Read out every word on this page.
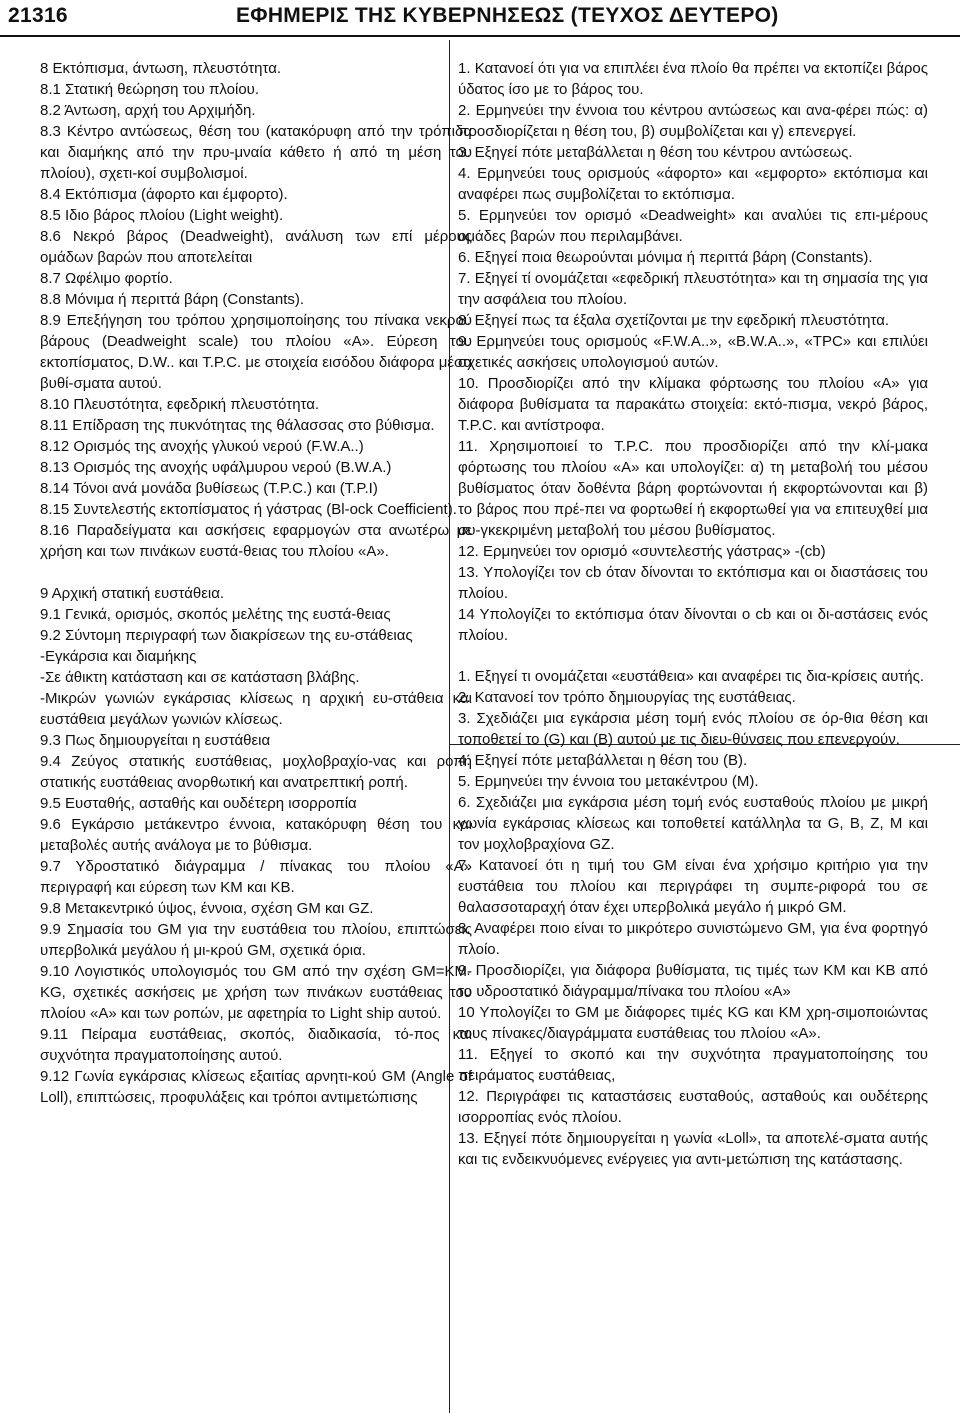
21316	ΕΦΗΜΕΡΙΣ ΤΗΣ ΚΥΒΕΡΝΗΣΕΩΣ (ΤΕΥΧΟΣ ΔΕΥΤΕΡΟ)

8 Εκτόπισμα, άντωση, πλευστότητα.

8.1 Στατική θεώρηση του πλοίου.

8.2 Άντωση, αρχή του Αρχιμήδη.

8.3 Κέντρο αντώσεως, θέση του (κατακόρυφη από την τρόπιδα και διαμήκης από την πρυ-μναία κάθετο ή από τη μέση του πλοίου), σχετι-κοί συμβολισμοί.

8.4 Εκτόπισμα (άφορτο και έμφορτο).

8.5 Ιδιο βάρος πλοίου (Light weight).

8.6 Νεκρό βάρος (Deadweight), ανάλυση των επί μέρους ομάδων βαρών που αποτελείται

8.7 Ωφέλιμο φορτίο.

8.8 Μόνιμα ή περιττά βάρη (Constants).

8.9 Επεξήγηση του τρόπου χρησιμοποίησης του πίνακα νεκρού βάρους (Deadweight scale) του πλοίου «Α». Εύρεση του εκτοπίσματος, D.W.. και T.P.C. με στοιχεία εισόδου διάφορα μέσα βυθί-σματα αυτού.

8.10 Πλευστότητα, εφεδρική πλευστότητα.

8.11 Επίδραση της πυκνότητας της θάλασσας στο βύθισμα.

8.12 Ορισμός της ανοχής γλυκού νερού (F.W.A..)

8.13 Ορισμός της ανοχής υφάλμυρου νερού (B.W.A.)

8.14 Τόνοι ανά μονάδα βυθίσεως (T.P.C.) και (T.P.I)

8.15 Συντελεστής εκτοπίσματος ή γάστρας (Bl-ock Coefficient).

8.16 Παραδείγματα και ασκήσεις εφαρμογών στα ανωτέρω με χρήση και των πινάκων ευστά-θειας του πλοίου «Α».

9 Αρχική στατική ευστάθεια.

9.1 Γενικά, ορισμός, σκοπός μελέτης της ευστά-θειας

9.2 Σύντομη περιγραφή των διακρίσεων της ευ-στάθειας

-Εγκάρσια και διαμήκης

-Σε άθικτη κατάσταση και σε κατάσταση βλάβης.

-Μικρών γωνιών εγκάρσιας κλίσεως η αρχική ευ-στάθεια και ευστάθεια μεγάλων γωνιών κλίσεως.

9.3 Πως δημιουργείται η ευστάθεια

9.4 Ζεύγος στατικής ευστάθειας, μοχλοβραχίο-νας και ροπή στατικής ευστάθειας ανορθωτική και ανατρεπτική ροπή.

9.5 Ευσταθής, ασταθής και ουδέτερη ισορροπία

9.6 Εγκάρσιο μετάκεντρο έννοια, κατακόρυφη θέση του και μεταβολές αυτής ανάλογα με το βύθισμα.

9.7 Υδροστατικό διάγραμμα / πίνακας του πλοίου «Α» περιγραφή και εύρεση των KM και KB.

9.8 Μετακεντρικό ύψος, έννοια, σχέση GM και GZ.

9.9 Σημασία του GM για την ευστάθεια του πλοίου, επιπτώσεις υπερβολικά μεγάλου ή μι-κρού GM, σχετικά όρια.

9.10 Λογιστικός υπολογισμός του GM από την σχέση GM=KM-KG, σχετικές ασκήσεις με χρήση των πινάκων ευστάθειας του πλοίου «Α» και των ροπών, με αφετηρία το Light ship αυτού.

9.11 Πείραμα ευστάθειας, σκοπός, διαδικασία, τό-πος και συχνότητα πραγματοποίησης αυτού.

9.12 Γωνία εγκάρσιας κλίσεως εξαιτίας αρνητι-κού GM (Angle of Loll), επιπτώσεις, προφυλάξεις και τρόποι αντιμετώπισης

1. Κατανοεί ότι για να επιπλέει ένα πλοίο θα πρέπει να εκτοπίζει βάρος ύδατος ίσο με το βάρος του.

2. Ερμηνεύει την έννοια του κέντρου αντώσεως και ανα-φέρει πώς: α) προσδιορίζεται η θέση του, β) συμβολίζεται και γ) επενεργεί.

3. Εξηγεί πότε μεταβάλλεται η θέση του κέντρου αντώσεως.

4. Ερμηνεύει τους ορισμούς «άφορτο» και «εμφορτο» εκτόπισμα και αναφέρει πως συμβολίζεται το εκτόπισμα.

5. Ερμηνεύει τον ορισμό «Deadweight» και αναλύει τις επι-μέρους ομάδες βαρών που περιλαμβάνει.

6. Εξηγεί ποια θεωρούνται μόνιμα ή περιττά βάρη (Constants).

7. Εξηγεί τί ονομάζεται «εφεδρική πλευστότητα» και τη σημασία της για την ασφάλεια του πλοίου.

8. Εξηγεί πως τα έξαλα σχετίζονται με την εφεδρική πλευστότητα.

9. Ερμηνεύει τους ορισμούς «F.W.A..», «B.W.A..», «TPC» και επιλύει σχετικές ασκήσεις υπολογισμού αυτών.

10. Προσδιορίζει από την κλίμακα φόρτωσης του πλοίου «Α» για διάφορα βυθίσματα τα παρακάτω στοιχεία: εκτό-πισμα, νεκρό βάρος, T.P.C. και αντίστροφα.

11. Χρησιμοποιεί το T.P.C. που προσδιορίζει από την κλί-μακα φόρτωσης του πλοίου «Α» και υπολογίζει: α) τη μεταβολή του μέσου βυθίσματος όταν δοθέντα βάρη φορτώνονται ή εκφορτώνονται και β) το βάρος που πρέ-πει να φορτωθεί ή εκφορτωθεί για να επιτευχθεί μια συ-γκεκριμένη μεταβολή του μέσου βυθίσματος.

12. Ερμηνεύει τον ορισμό «συντελεστής γάστρας» -(cb)

13. Υπολογίζει τον cb όταν δίνονται το εκτόπισμα και οι διαστάσεις του πλοίου.

14 Υπολογίζει το εκτόπισμα όταν δίνονται ο cb και οι δι-αστάσεις ενός πλοίου.

1. Εξηγεί τι ονομάζεται «ευστάθεια» και αναφέρει τις δια-κρίσεις αυτής.

2. Κατανοεί τον τρόπο δημιουργίας της ευστάθειας.

3. Σχεδιάζει μια εγκάρσια μέση τομή ενός πλοίου σε όρ-θια θέση και τοποθετεί το (G) και (B) αυτού με τις διευ-θύνσεις που επενεργούν.

4. Εξηγεί πότε μεταβάλλεται η θέση του (B).

5. Ερμηνεύει την έννοια του μετακέντρου (M).

6. Σχεδιάζει μια εγκάρσια μέση τομή ενός ευσταθούς πλοίου με μικρή γωνία εγκάρσιας κλίσεως και τοποθετεί κατάλληλα τα G, B, Z, M και τον μοχλοβραχίονα GZ.

7. Κατανοεί ότι η τιμή του GM είναι ένα χρήσιμο κριτήριο για την ευστάθεια του πλοίου και περιγράφει τη συμπε-ριφορά του σε θαλασσοταραχή όταν έχει υπερβολικά μεγάλο ή μικρό GM.

8. Αναφέρει ποιο είναι το μικρότερο συνιστώμενο GM, για ένα φορτηγό πλοίο.

9. Προσδιορίζει, για διάφορα βυθίσματα, τις τιμές των KM και KB από το υδροστατικό διάγραμμα/πίνακα του πλοίου «Α»

10 Υπολογίζει το GM με διάφορες τιμές KG και KM χρη-σιμοποιώντας τους πίνακες/διαγράμματα ευστάθειας του πλοίου «Α».

11. Εξηγεί το σκοπό και την συχνότητα πραγματοποίησης του πειράματος ευστάθειας,

12. Περιγράφει τις καταστάσεις ευσταθούς, ασταθούς και ουδέτερης ισορροπίας ενός πλοίου.

13. Εξηγεί πότε δημιουργείται η γωνία «Loll», τα αποτελέ-σματα αυτής και τις ενδεικνυόμενες ενέργειες για αντι-μετώπιση της κατάστασης.
